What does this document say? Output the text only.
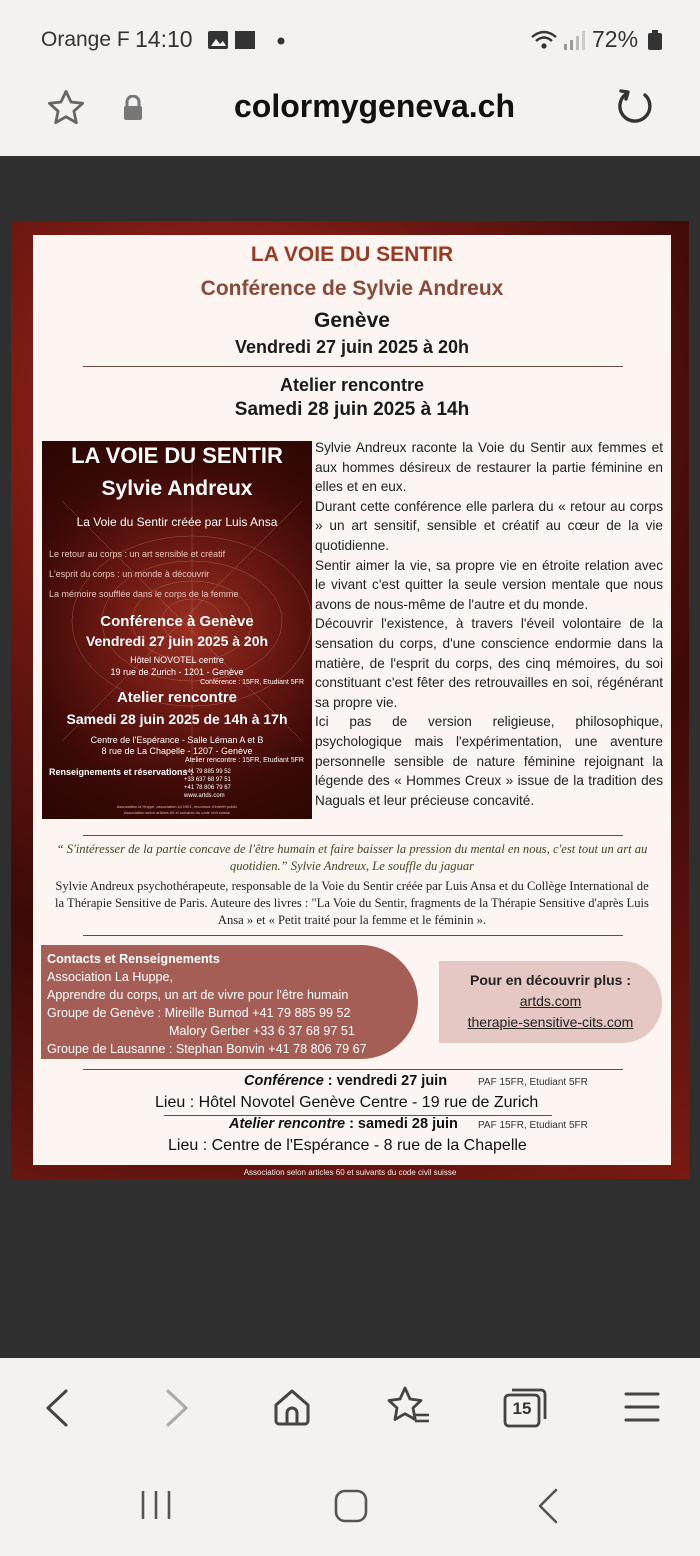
Orange F 14:10	72%
colormygeneva.ch
LA VOIE DU SENTIR
Conférence de Sylvie Andreux
Genève
Vendredi 27 juin 2025 à 20h
Atelier rencontre
Samedi 28 juin 2025 à 14h
LA VOIE DU SENTIR
Sylvie Andreux
La Voie du Sentir créée par Luis Ansa
Le retour au corps : un art sensible et créatif
L'esprit du corps : un monde à découvrir
La mémoire soufflée dans le corps de la femme
Conférence à Genève
Vendredi 27 juin 2025 à 20h
Hôtel NOVOTEL centre
19 rue de Zurich - 1201 - Genève
Conférence : 15FR, Etudiant 5FR
Atelier rencontre
Samedi 28 juin 2025 de 14h à 17h
Centre de l'Espérance - Salle Léman A et B
8 rue de La Chapelle - 1207 - Genève
Atelier rencontre : 15FR, Etudiant 5FR
Renseignements et réservations :
+41 79 885 99 52
+33 637 68 97 51
+41 78 806 79 67
www.artds.com
Association la Huppe, association loi 1901, reconnue d'intérêt public
Association selon articles 60 et suivants du code civil suisse
Sylvie Andreux raconte la Voie du Sentir aux femmes et aux hommes désireux de restaurer la partie féminine en elles et en eux.
Durant cette conférence elle parlera du « retour au corps » un art sensitif, sensible et créatif au cœur de la vie quotidienne.
Sentir aimer la vie, sa propre vie en étroite relation avec le vivant c'est quitter la seule version mentale que nous avons de nous-même de l'autre et du monde.
Découvrir l'existence, à travers l'éveil volontaire de la sensation du corps, d'une conscience endormie dans la matière, de l'esprit du corps, des cinq mémoires, du soi constituant c'est fêter des retrouvailles en soi, régénérant sa propre vie.
Ici pas de version religieuse, philosophique, psychologique mais l'expérimentation, une aventure personnelle sensible de nature féminine rejoignant la légende des « Hommes Creux » issue de la tradition des Naguals et leur précieuse concavité.
“ S'intéresser de la partie concave de l'être humain et faire baisser la pression du mental en nous, c'est tout un art au quotidien.” Sylvie Andreux, Le souffle du jaguar
Sylvie Andreux psychothérapeute, responsable de la Voie du Sentir créée par Luis Ansa et du Collège International de la Thérapie Sensitive de Paris. Auteure des livres : "La Voie du Sentir, fragments de la Thérapie Sensitive d'après Luis Ansa » et « Petit traité pour la femme et le féminin ».
Contacts et Renseignements
Association La Huppe,
Apprendre du corps, un art de vivre pour l'être humain
Groupe de Genève : Mireille Burnod +41 79 885 99 52
Malory Gerber +33 6 37 68 97 51
Groupe de Lausanne : Stephan Bonvin +41 78 806 79 67
Pour en découvrir plus :
artds.com
therapie-sensitive-cits.com
Conférence : vendredi 27 juin	PAF 15FR, Etudiant 5FR
Lieu : Hôtel Novotel Genève Centre - 19 rue de Zurich
Atelier rencontre : samedi 28 juin PAF 15FR, Etudiant 5FR
Lieu : Centre de l'Espérance - 8 rue de la Chapelle
Association selon articles 60 et suivants du code civil suisse
15
